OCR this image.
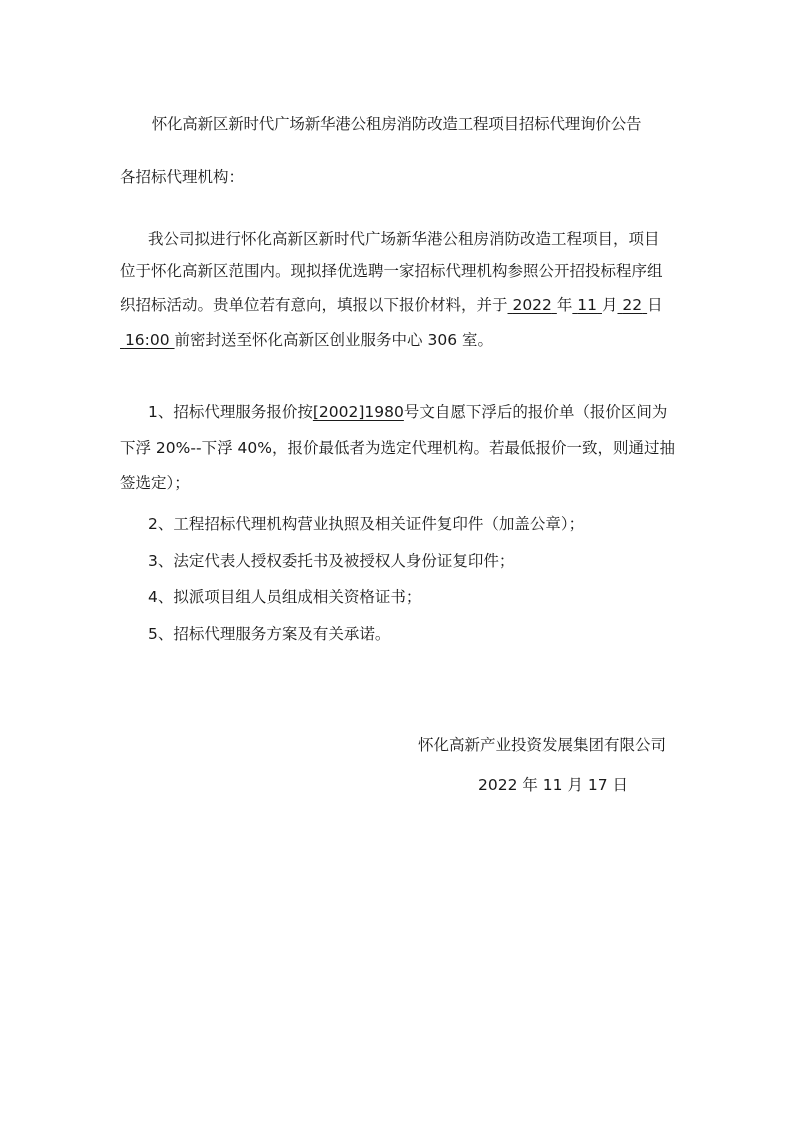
怀化高新区新时代广场新华港公租房消防改造工程项目招标代理询价公告
各招标代理机构：
我公司拟进行怀化高新区新时代广场新华港公租房消防改造工程项目，项目
位于怀化高新区范围内。现拟择优选聘一家招标代理机构参照公开招投标程序组
织招标活动。贵单位若有意向，填报以下报价材料，并于 2022 年 11 月 22 日
16:00 前密封送至怀化高新区创业服务中心 306 室。
1、招标代理服务报价按[2002]1980号文自愿下浮后的报价单（报价区间为
下浮 20%--下浮 40%，报价最低者为选定代理机构。若最低报价一致，则通过抽
签选定）；
2、工程招标代理机构营业执照及相关证件复印件（加盖公章）；
3、法定代表人授权委托书及被授权人身份证复印件；
4、拟派项目组人员组成相关资格证书；
5、招标代理服务方案及有关承诺。
怀化高新产业投资发展集团有限公司
2022 年 11 月 17 日
